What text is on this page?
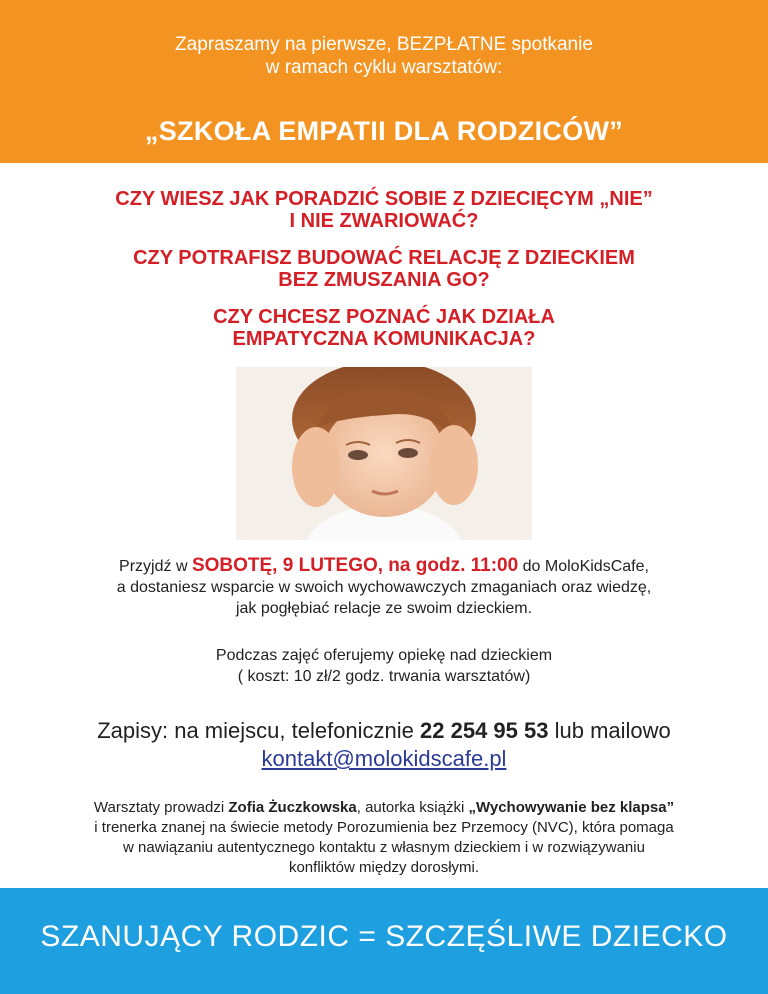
Zapraszamy na pierwsze, BEZPŁATNE spotkanie
w ramach cyklu warsztatów:
„SZKOŁA EMPATII DLA RODZICÓW”
CZY WIESZ JAK PORADZIĆ SOBIE Z DZIECIĘCYM „NIE”
I NIE ZWARIOWAĆ?
CZY POTRAFISZ BUDOWAĆ RELACJĘ Z DZIECKIEM
BEZ ZMUSZANIA GO?
CZY CHCESZ POZNAĆ JAK DZIAŁA
EMPATYCZNA KOMUNIKACJA?
Przyjdź w SOBOTĘ, 9 LUTEGO, na godz. 11:00 do MoloKidsCafe,
a dostaniesz wsparcie w swoich wychowawczych zmaganiach oraz wiedzę,
jak pogłębiać relacje ze swoim dzieckiem.
Podczas zajęć oferujemy opiekę nad dzieckiem
( koszt: 10 zł/2 godz. trwania warsztatów)
Zapisy: na miejscu, telefonicznie 22 254 95 53 lub mailowo
kontakt@molokidscafe.pl
Warsztaty prowadzi Zofia Żuczkowska, autorka książki „Wychowywanie bez klapsa”
i trenerka znanej na świecie metody Porozumienia bez Przemocy (NVC), która pomaga
w nawiązaniu autentycznego kontaktu z własnym dzieckiem i w rozwiązywaniu
konfliktów między dorosłymi.
SZANUJĄCY RODZIC = SZCZĘŚLIWE DZIECKO
